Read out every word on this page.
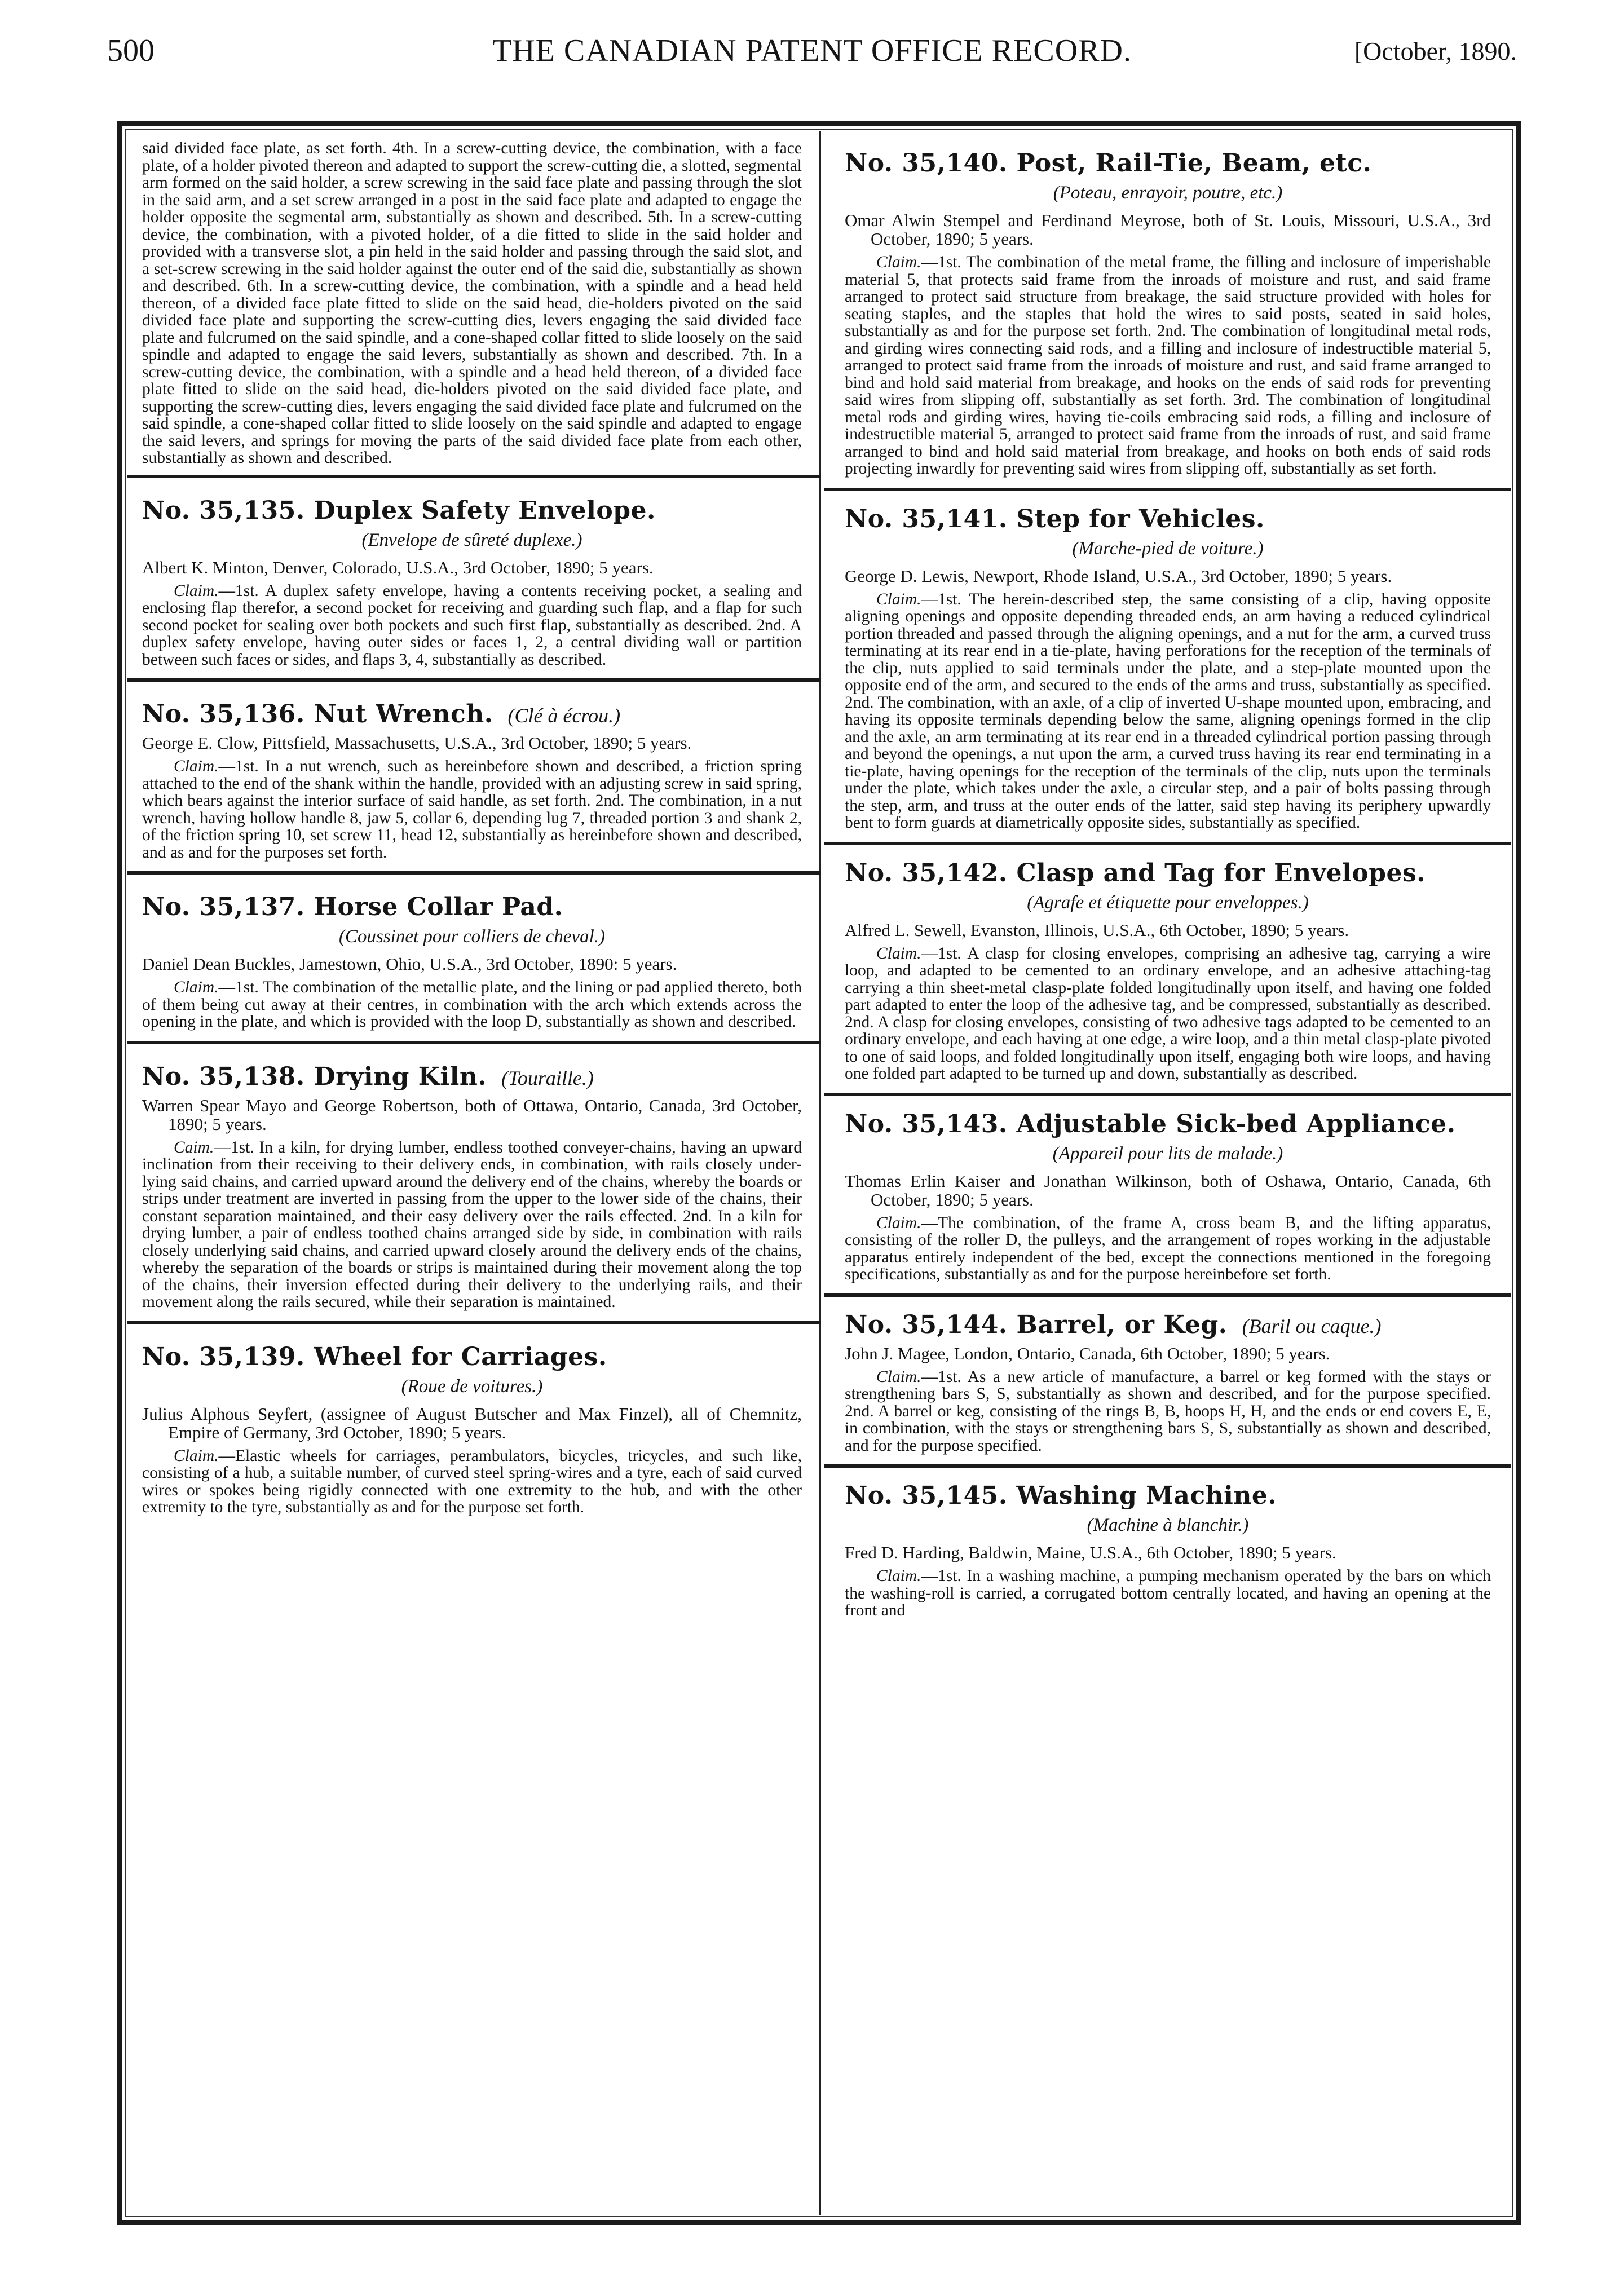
500	THE CANADIAN PATENT OFFICE RECORD.	[October, 1890.

said divided face plate, as set forth. 4th. In a screw-cutting device, the combination, with a face plate, of a holder pivoted thereon and adapted to support the screw-cutting die, a slotted, segmental arm formed on the said holder, a screw screwing in the said face plate and passing through the slot in the said arm, and a set screw arranged in a post in the said face plate and adapted to engage the holder opposite the segmental arm, substantially as shown and described. 5th. In a screw-cutting device, the combination, with a pivoted holder, of a die fitted to slide in the said holder and provided with a transverse slot, a pin held in the said holder and passing through the said slot, and a set-screw screwing in the said holder against the outer end of the said die, substantially as shown and described. 6th. In a screw-cutting device, the combination, with a spindle and a head held thereon, of a divided face plate fitted to slide on the said head, die-holders pivoted on the said divided face plate and supporting the screw-cutting dies, levers engaging the said divided face plate and fulcrumed on the said spindle, and a cone-shaped collar fitted to slide loosely on the said spindle and adapted to engage the said levers, substantially as shown and described. 7th. In a screw-cutting device, the combination, with a spindle and a head held thereon, of a divided face plate fitted to slide on the said head, die-holders pivoted on the said divided face plate, and supporting the screw-cutting dies, levers engaging the said divided face plate and fulcrumed on the said spindle, a cone-shaped collar fitted to slide loosely on the said spindle and adapted to engage the said levers, and springs for moving the parts of the said divided face plate from each other, substantially as shown and described.

No. 35,135. Duplex Safety Envelope.
(Envelope de sûreté duplexe.)

Albert K. Minton, Denver, Colorado, U.S.A., 3rd October, 1890; 5 years.

Claim.—1st. A duplex safety envelope, having a contents receiving pocket, a sealing and enclosing flap therefor, a second pocket for receiving and guarding such flap, and a flap for such second pocket for sealing over both pockets and such first flap, substantially as described. 2nd. A duplex safety envelope, having outer sides or faces 1, 2, a central dividing wall or partition between such faces or sides, and flaps 3, 4, substantially as described.

No. 35,136. Nut Wrench. (Clé à écrou.)

George E. Clow, Pittsfield, Massachusetts, U.S.A., 3rd October, 1890; 5 years.

Claim.—1st. In a nut wrench, such as hereinbefore shown and described, a friction spring attached to the end of the shank within the handle, provided with an adjusting screw in said spring, which bears against the interior surface of said handle, as set forth. 2nd. The combination, in a nut wrench, having hollow handle 8, jaw 5, collar 6, depending lug 7, threaded portion 3 and shank 2, of the friction spring 10, set screw 11, head 12, substantially as hereinbefore shown and described, and as and for the purposes set forth.

No. 35,137. Horse Collar Pad.
(Coussinet pour colliers de cheval.)

Daniel Dean Buckles, Jamestown, Ohio, U.S.A., 3rd October, 1890: 5 years.

Claim.—1st. The combination of the metallic plate, and the lining or pad applied thereto, both of them being cut away at their centres, in combination with the arch which extends across the opening in the plate, and which is provided with the loop D, substantially as shown and described.

No. 35,138. Drying Kiln. (Touraille.)

Warren Spear Mayo and George Robertson, both of Ottawa, Ontario, Canada, 3rd October, 1890; 5 years.

Caim.—1st. In a kiln, for drying lumber, endless toothed conveyer-chains, having an upward inclination from their receiving to their delivery ends, in combination, with rails closely under-lying said chains, and carried upward around the delivery end of the chains, whereby the boards or strips under treatment are inverted in passing from the upper to the lower side of the chains, their constant separation maintained, and their easy delivery over the rails effected. 2nd. In a kiln for drying lumber, a pair of endless toothed chains arranged side by side, in combination with rails closely underlying said chains, and carried upward closely around the delivery ends of the chains, whereby the separation of the boards or strips is maintained during their movement along the top of the chains, their inversion effected during their delivery to the underlying rails, and their movement along the rails secured, while their separation is maintained.

No. 35,139. Wheel for Carriages.
(Roue de voitures.)

Julius Alphous Seyfert, (assignee of August Butscher and Max Finzel), all of Chemnitz, Empire of Germany, 3rd October, 1890; 5 years.

Claim.—Elastic wheels for carriages, perambulators, bicycles, tricycles, and such like, consisting of a hub, a suitable number, of curved steel spring-wires and a tyre, each of said curved wires or spokes being rigidly connected with one extremity to the hub, and with the other extremity to the tyre, substantially as and for the purpose set forth.

No. 35,140. Post, Rail-Tie, Beam, etc.
(Poteau, enrayoir, poutre, etc.)

Omar Alwin Stempel and Ferdinand Meyrose, both of St. Louis, Missouri, U.S.A., 3rd October, 1890; 5 years.

Claim.—1st. The combination of the metal frame, the filling and inclosure of imperishable material 5, that protects said frame from the inroads of moisture and rust, and said frame arranged to protect said structure from breakage, the said structure provided with holes for seating staples, and the staples that hold the wires to said posts, seated in said holes, substantially as and for the purpose set forth. 2nd. The combination of longitudinal metal rods, and girding wires connecting said rods, and a filling and inclosure of indestructible material 5, arranged to protect said frame from the inroads of moisture and rust, and said frame arranged to bind and hold said material from breakage, and hooks on the ends of said rods for preventing said wires from slipping off, substantially as set forth. 3rd. The combination of longitudinal metal rods and girding wires, having tie-coils embracing said rods, a filling and inclosure of indestructible material 5, arranged to protect said frame from the inroads of rust, and said frame arranged to bind and hold said material from breakage, and hooks on both ends of said rods projecting inwardly for preventing said wires from slipping off, substantially as set forth.

No. 35,141. Step for Vehicles.
(Marche-pied de voiture.)

George D. Lewis, Newport, Rhode Island, U.S.A., 3rd October, 1890; 5 years.

Claim.—1st. The herein-described step, the same consisting of a clip, having opposite aligning openings and opposite depending threaded ends, an arm having a reduced cylindrical portion threaded and passed through the aligning openings, and a nut for the arm, a curved truss terminating at its rear end in a tie-plate, having perforations for the reception of the terminals of the clip, nuts applied to said terminals under the plate, and a step-plate mounted upon the opposite end of the arm, and secured to the ends of the arms and truss, substantially as specified. 2nd. The combination, with an axle, of a clip of inverted U-shape mounted upon, embracing, and having its opposite terminals depending below the same, aligning openings formed in the clip and the axle, an arm terminating at its rear end in a threaded cylindrical portion passing through and beyond the openings, a nut upon the arm, a curved truss having its rear end terminating in a tie-plate, having openings for the reception of the terminals of the clip, nuts upon the terminals under the plate, which takes under the axle, a circular step, and a pair of bolts passing through the step, arm, and truss at the outer ends of the latter, said step having its periphery upwardly bent to form guards at diametrically opposite sides, substantially as specified.

No. 35,142. Clasp and Tag for Envelopes.
(Agrafe et étiquette pour enveloppes.)

Alfred L. Sewell, Evanston, Illinois, U.S.A., 6th October, 1890; 5 years.

Claim.—1st. A clasp for closing envelopes, comprising an adhesive tag, carrying a wire loop, and adapted to be cemented to an ordinary envelope, and an adhesive attaching-tag carrying a thin sheet-metal clasp-plate folded longitudinally upon itself, and having one folded part adapted to enter the loop of the adhesive tag, and be compressed, substantially as described. 2nd. A clasp for closing envelopes, consisting of two adhesive tags adapted to be cemented to an ordinary envelope, and each having at one edge, a wire loop, and a thin metal clasp-plate pivoted to one of said loops, and folded longitudinally upon itself, engaging both wire loops, and having one folded part adapted to be turned up and down, substantially as described.

No. 35,143. Adjustable Sick-bed Appliance.
(Appareil pour lits de malade.)

Thomas Erlin Kaiser and Jonathan Wilkinson, both of Oshawa, Ontario, Canada, 6th October, 1890; 5 years.

Claim.—The combination, of the frame A, cross beam B, and the lifting apparatus, consisting of the roller D, the pulleys, and the arrangement of ropes working in the adjustable apparatus entirely independent of the bed, except the connections mentioned in the foregoing specifications, substantially as and for the purpose hereinbefore set forth.

No. 35,144. Barrel, or Keg. (Baril ou caque.)

John J. Magee, London, Ontario, Canada, 6th October, 1890; 5 years.

Claim.—1st. As a new article of manufacture, a barrel or keg formed with the stays or strengthening bars S, S, substantially as shown and described, and for the purpose specified. 2nd. A barrel or keg, consisting of the rings B, B, hoops H, H, and the ends or end covers E, E, in combination, with the stays or strengthening bars S, S, substantially as shown and described, and for the purpose specified.

No. 35,145. Washing Machine.
(Machine à blanchir.)

Fred D. Harding, Baldwin, Maine, U.S.A., 6th October, 1890; 5 years.

Claim.—1st. In a washing machine, a pumping mechanism operated by the bars on which the washing-roll is carried, a corrugated bottom centrally located, and having an opening at the front and
